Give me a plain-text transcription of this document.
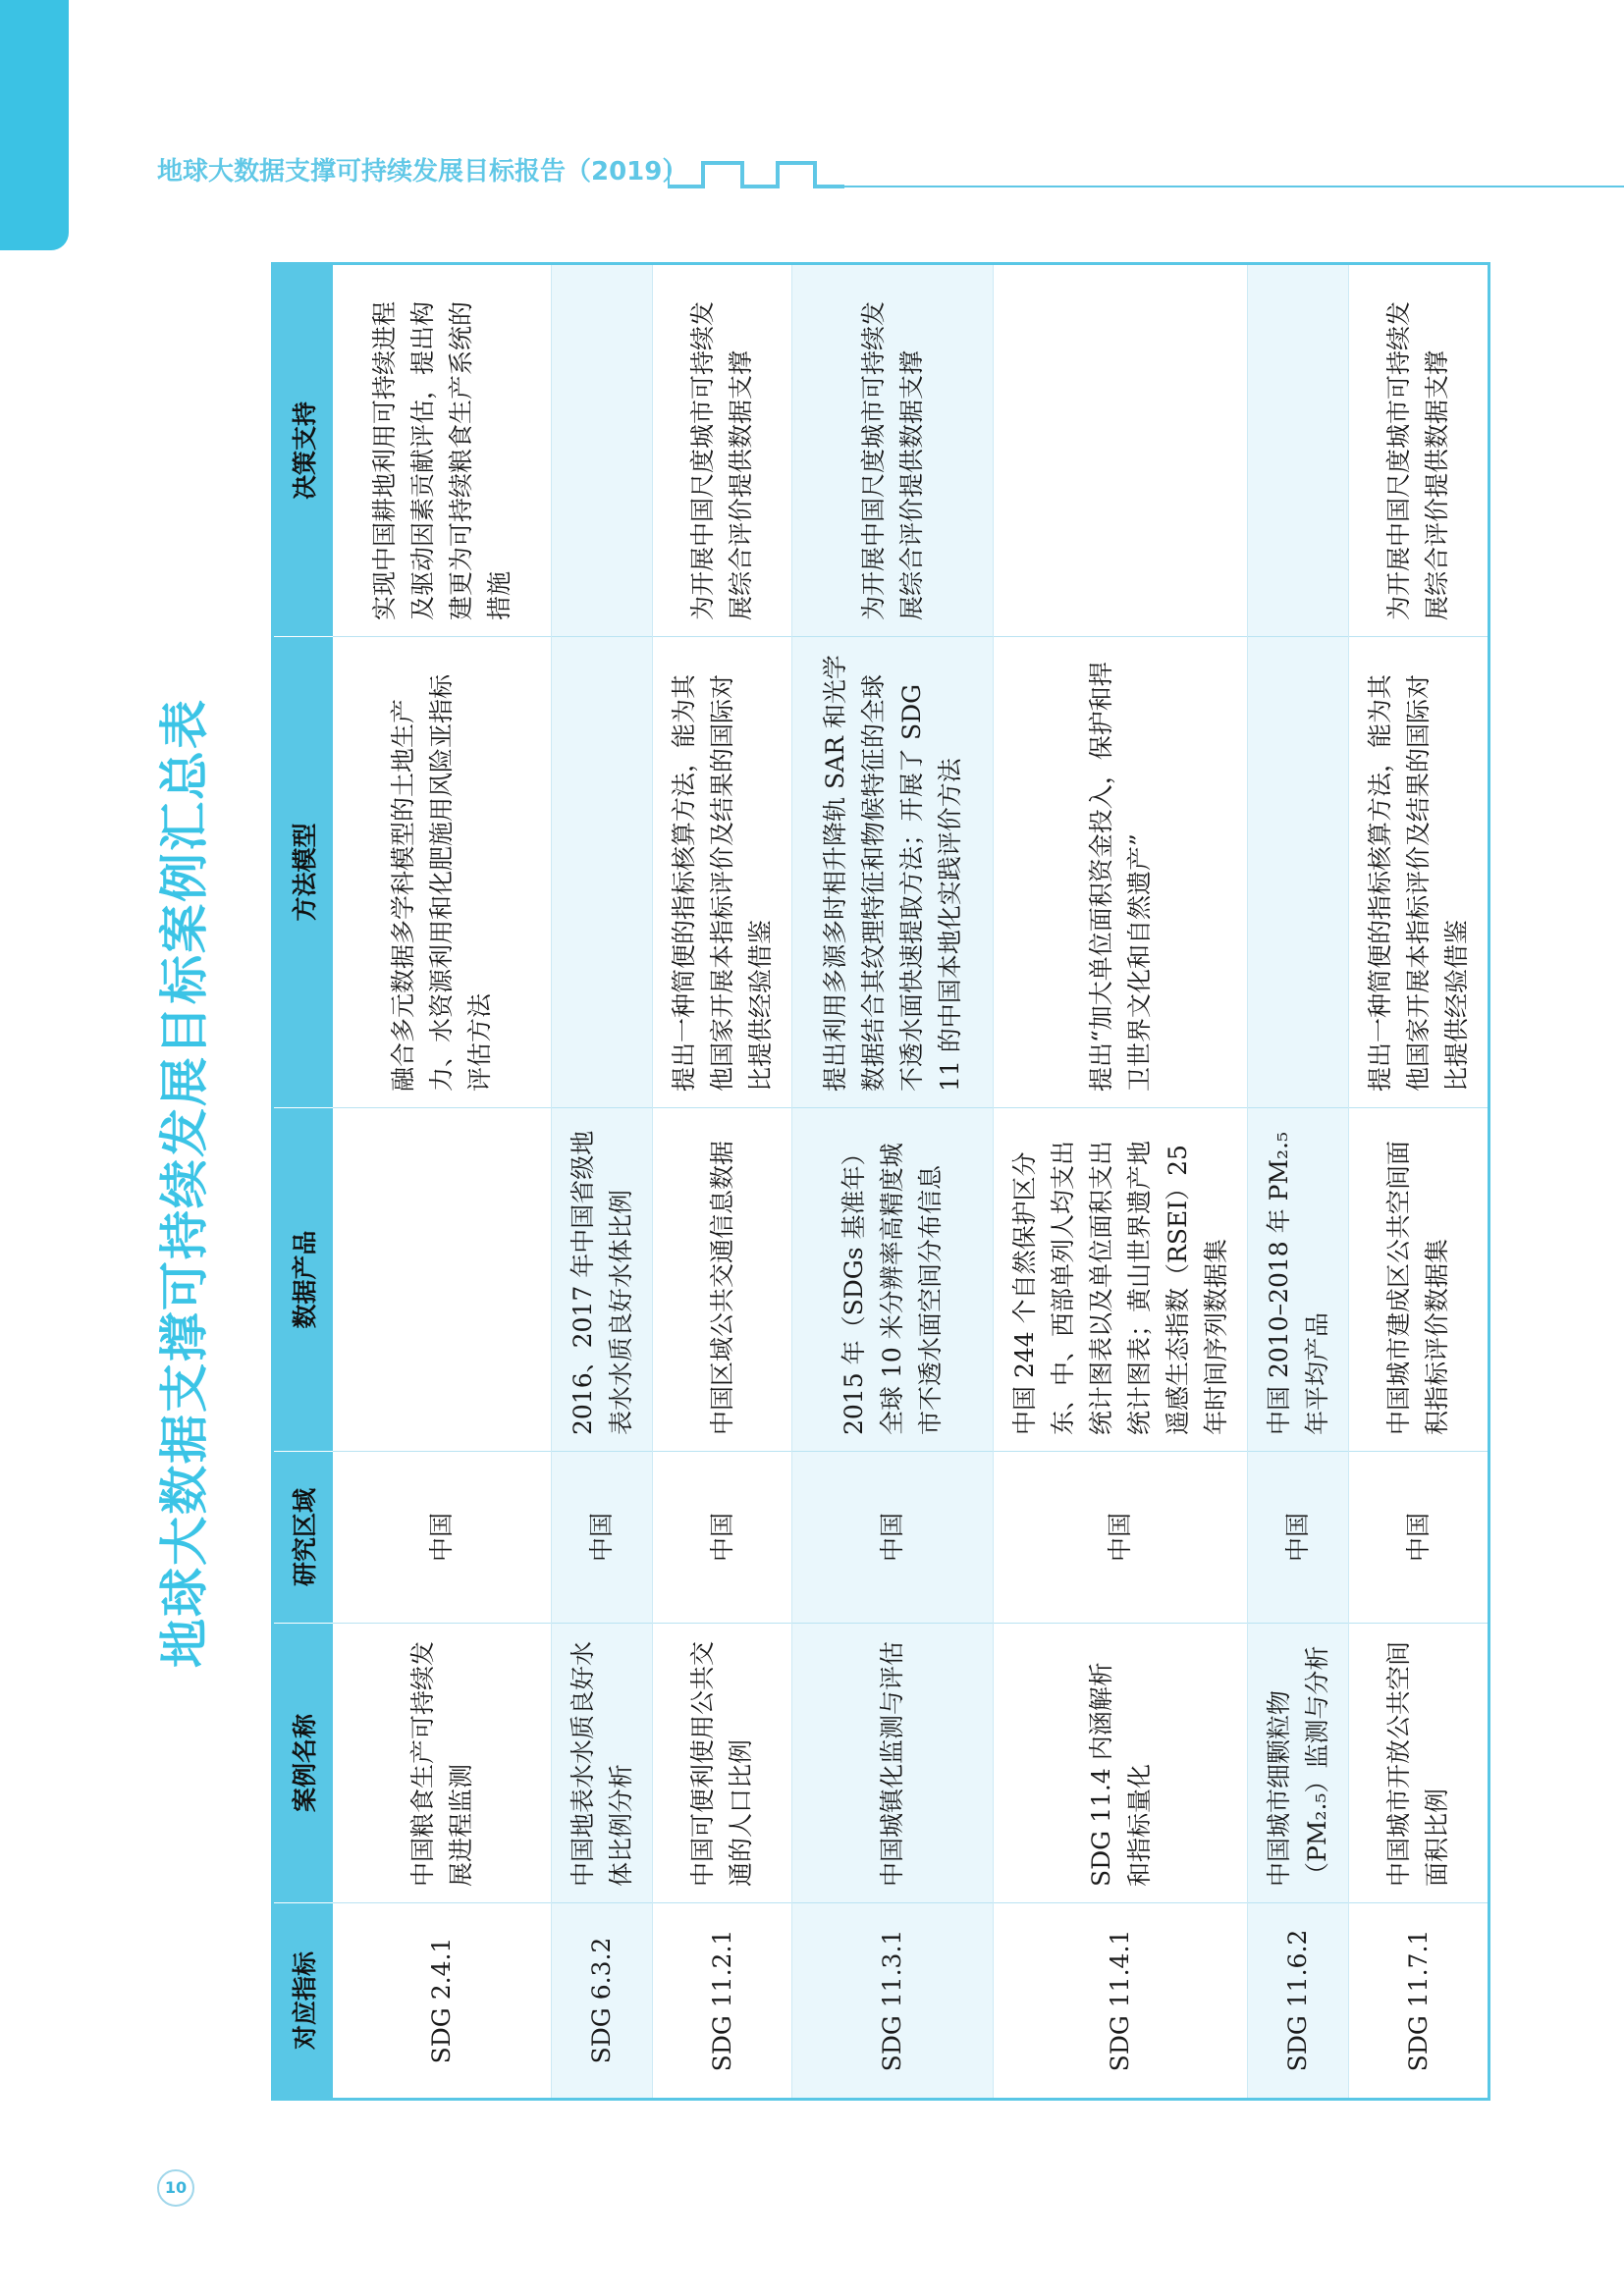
地球大数据支撑可持续发展目标报告（2019）
地球大数据支撑可持续发展目标案例汇总表
对应指标	案例名称	研究区域	数据产品	方法模型	决策支持
SDG 2.4.1	中国粮食生产可持续发展进程监测	中国		融合多元数据多学科模型的土地生产力、水资源利用和化肥施用风险亚指标评估方法	实现中国耕地利用可持续进程及驱动因素贡献评估，提出构建更为可持续粮食生产系统的措施
SDG 6.3.2	中国地表水水质良好水体比例分析	中国	2016、2017 年中国省级地表水水质良好水体比例		
SDG 11.2.1	中国可便利使用公共交通的人口比例	中国	中国区域公共交通信息数据	提出一种简便的指标核算方法，能为其他国家开展本指标评价及结果的国际对比提供经验借鉴	为开展中国尺度城市可持续发展综合评价提供数据支撑
SDG 11.3.1	中国城镇化监测与评估	中国	2015 年（SDGs 基准年）全球 10 米分辨率高精度城市不透水面空间分布信息	提出利用多源多时相升降轨 SAR 和光学数据结合其纹理特征和物候特征的全球不透水面快速提取方法；开展了 SDG 11 的中国本地化实践评价方法	为开展中国尺度城市可持续发展综合评价提供数据支撑
SDG 11.4.1	SDG 11.4 内涵解析和指标量化	中国	中国 244 个自然保护区分东、中、西部单列人均支出统计图表以及单位面积支出统计图表；黄山世界遗产地遥感生态指数（RSEI）25 年时间序列数据集	提出“加大单位面积资金投入，保护和捍卫世界文化和自然遗产”	
SDG 11.6.2	中国城市细颗粒物（PM₂.₅）监测与分析	中国	中国 2010–2018 年 PM₂.₅ 年平均产品		
SDG 11.7.1	中国城市开放公共空间面积比例	中国	中国城市建成区公共空间面积指标评价数据集	提出一种简便的指标核算方法，能为其他国家开展本指标评价及结果的国际对比提供经验借鉴	为开展中国尺度城市可持续发展综合评价提供数据支撑
10
